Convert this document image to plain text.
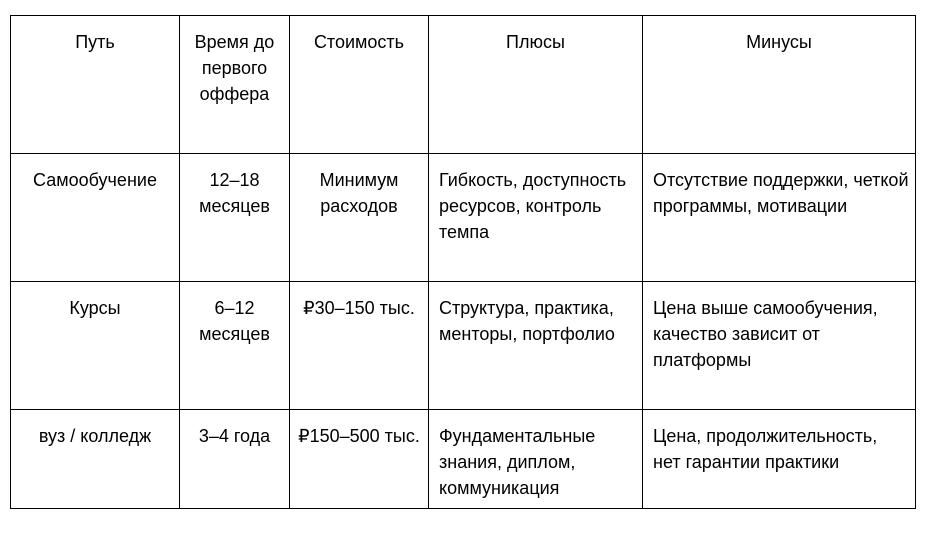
Путь	Время до первого оффера	Стоимость	Плюсы	Минусы
Самообучение	12–18 месяцев	Минимум расходов	Гибкость, доступность ресурсов, контроль темпа	Отсутствие поддержки, четкой программы, мотивации
Курсы	6–12 месяцев	₽30–150 тыс.	Структура, практика, менторы, портфолио	Цена выше самообучения, качество зависит от платформы
вуз / колледж	3–4 года	₽150–500 тыс.	Фундаментальные знания, диплом, коммуникация	Цена, продолжительность, нет гарантии практики
